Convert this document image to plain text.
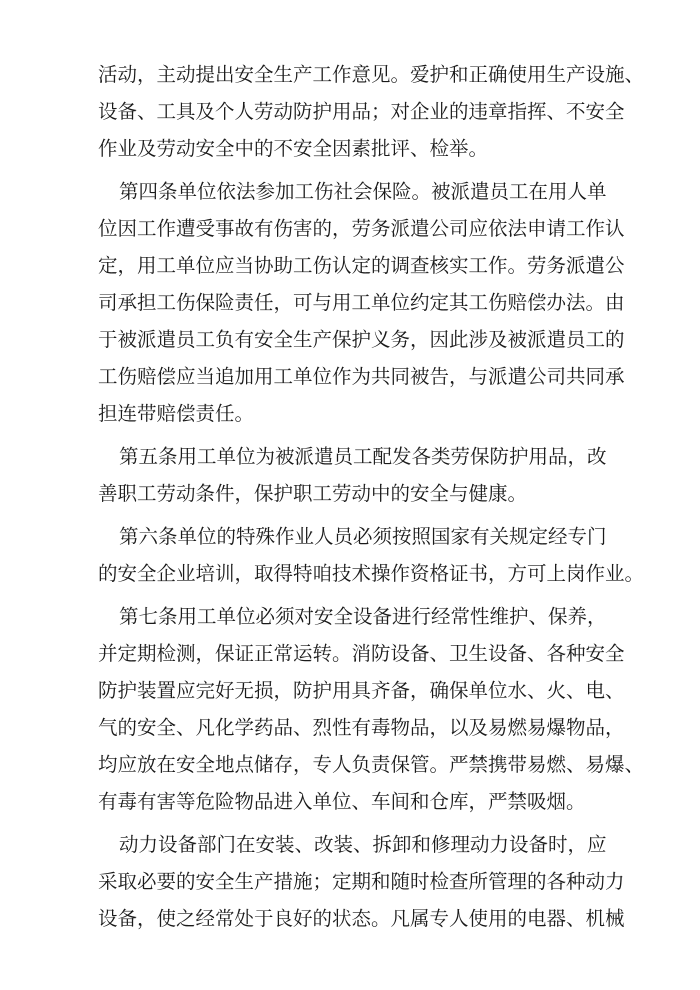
活动，主动提出安全生产工作意见。爱护和正确使用生产设施、
设备、工具及个人劳动防护用品；对企业的违章指挥、不安全
作业及劳动安全中的不安全因素批评、检举。
第四条单位依法参加工伤社会保险。被派遣员工在用人单
位因工作遭受事故有伤害的，劳务派遣公司应依法申请工作认
定，用工单位应当协助工伤认定的调查核实工作。劳务派遣公
司承担工伤保险责任，可与用工单位约定其工伤赔偿办法。由
于被派遣员工负有安全生产保护义务，因此涉及被派遣员工的
工伤赔偿应当追加用工单位作为共同被告，与派遣公司共同承
担连带赔偿责任。
第五条用工单位为被派遣员工配发各类劳保防护用品，改
善职工劳动条件，保护职工劳动中的安全与健康。
第六条单位的特殊作业人员必须按照国家有关规定经专门
的安全企业培训，取得特咱技术操作资格证书，方可上岗作业。
第七条用工单位必须对安全设备进行经常性维护、保养，
并定期检测，保证正常运转。消防设备、卫生设备、各种安全
防护装置应完好无损，防护用具齐备，确保单位水、火、电、
气的安全、凡化学药品、烈性有毒物品，以及易燃易爆物品，
均应放在安全地点储存，专人负责保管。严禁携带易燃、易爆、
有毒有害等危险物品进入单位、车间和仓库，严禁吸烟。
动力设备部门在安装、改装、拆卸和修理动力设备时，应
采取必要的安全生产措施；定期和随时检查所管理的各种动力
设备，使之经常处于良好的状态。凡属专人使用的电器、机械
